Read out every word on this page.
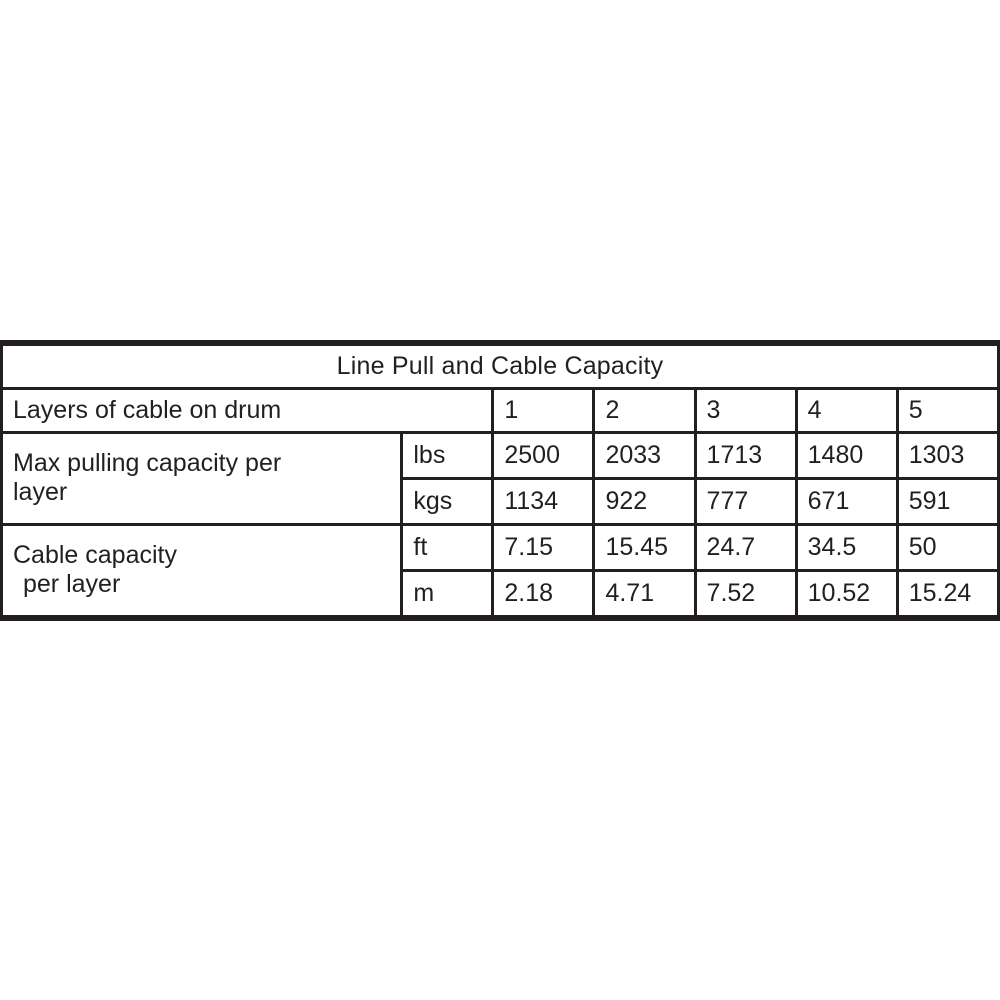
Line Pull and Cable Capacity						
Layers of cable on drum		1	2	3	4	5
Max pulling capacity per
layer	lbs	2500	2033	1713	1480	1303
	kgs	1134	922	777	671	591
Cable capacity
per layer	ft	7.15	15.45	24.7	34.5	50
	m	2.18	4.71	7.52	10.52	15.24
